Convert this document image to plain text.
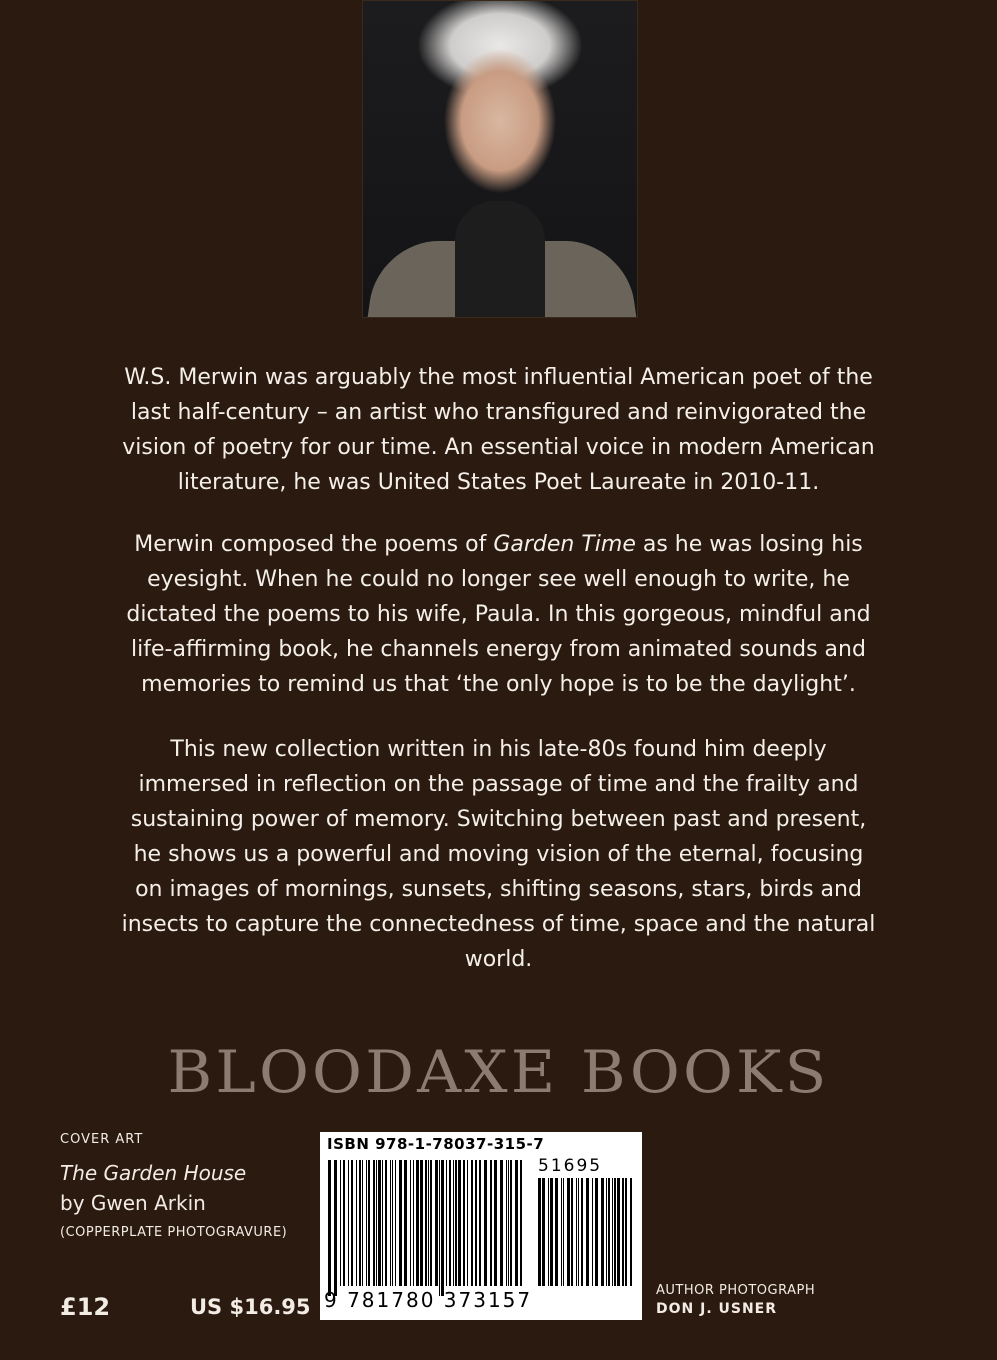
W.S. Merwin was arguably the most influential American poet of the last half-century – an artist who transfigured and reinvigorated the vision of poetry for our time. An essential voice in modern American literature, he was United States Poet Laureate in 2010-11.

Merwin composed the poems of Garden Time as he was losing his eyesight. When he could no longer see well enough to write, he dictated the poems to his wife, Paula. In this gorgeous, mindful and life-affirming book, he channels energy from animated sounds and memories to remind us that ‘the only hope is to be the daylight’.

This new collection written in his late-80s found him deeply immersed in reflection on the passage of time and the frailty and sustaining power of memory. Switching between past and present, he shows us a powerful and moving vision of the eternal, focusing on images of mornings, sunsets, shifting seasons, stars, birds and insects to capture the connectedness of time, space and the natural world.

BLOODAXE BOOKS
COVER ART
The Garden House
by Gwen Arkin
(COPPERPLATE PHOTOGRAVURE)
£12	US $16.95
ISBN 978-1-78037-315-7
51695
9 781780 373157	AUTHOR PHOTOGRAPH
DON J. USNER
